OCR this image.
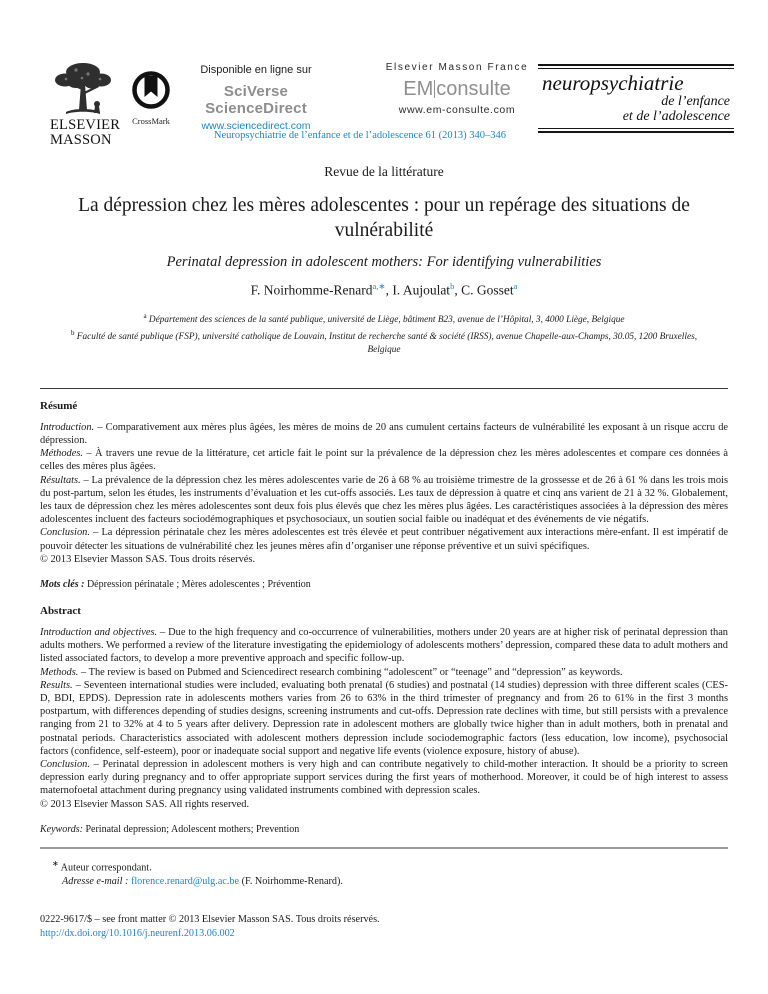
ELSEVIER
MASSON
CrossMark
Disponible en ligne sur
SciVerse ScienceDirect
www.sciencedirect.com
Elsevier Masson France
EM consulte
www.em-consulte.com
neuropsychiatrie
de l’enfance
et de l’adolescence
Neuropsychiatrie de l’enfance et de l’adolescence 61 (2013) 340–346
Revue de la littérature
La dépression chez les mères adolescentes : pour un repérage des situations de vulnérabilité
Perinatal depression in adolescent mothers: For identifying vulnerabilities
F. Noirhomme-Renard$^{a,∗}$, I. Aujoulat$^b$, C. Gosset$^a$
$^a$ Département des sciences de la santé publique, université de Liège, bâtiment B23, avenue de l’Hôpital, 3, 4000 Liège, Belgique
$^b$ Faculté de santé publique (FSP), université catholique de Louvain, Institut de recherche santé & société (IRSS), avenue Chapelle-aux-Champs, 30.05, 1200 Bruxelles, Belgique
Résumé

Introduction. – Comparativement aux mères plus âgées, les mères de moins de 20 ans cumulent certains facteurs de vulnérabilité les exposant à un risque accru de dépression.

Méthodes. – À travers une revue de la littérature, cet article fait le point sur la prévalence de la dépression chez les mères adolescentes et compare ces données à celles des mères plus âgées.

Résultats. – La prévalence de la dépression chez les mères adolescentes varie de 26 à 68 % au troisième trimestre de la grossesse et de 26 à 61 % dans les trois mois du post-partum, selon les études, les instruments d’évaluation et les cut-offs associés. Les taux de dépression à quatre et cinq ans varient de 21 à 32 %. Globalement, les taux de dépression chez les mères adolescentes sont deux fois plus élevés que chez les mères plus âgées. Les caractéristiques associées à la dépression des mères adolescentes incluent des facteurs sociodémographiques et psychosociaux, un soutien social faible ou inadéquat et des événements de vie négatifs.

Conclusion. – La dépression périnatale chez les mères adolescentes est très élevée et peut contribuer négativement aux interactions mère-enfant. Il est impératif de pouvoir détecter les situations de vulnérabilité chez les jeunes mères afin d’organiser une réponse préventive et un suivi spécifiques.

© 2013 Elsevier Masson SAS. Tous droits réservés.

Mots clés : Dépression périnatale ; Mères adolescentes ; Prévention
Abstract

Introduction and objectives. – Due to the high frequency and co-occurrence of vulnerabilities, mothers under 20 years are at higher risk of perinatal depression than adults mothers. We performed a review of the literature investigating the epidemiology of adolescents mothers’ depression, compared these data to adult mothers and listed associated factors, to develop a more preventive approach and specific follow-up.

Methods. – The review is based on Pubmed and Sciencedirect research combining “adolescent” or “teenage” and “depression” as keywords.

Results. – Seventeen international studies were included, evaluating both prenatal (6 studies) and postnatal (14 studies) depression with three different scales (CES-D, BDI, EPDS). Depression rate in adolescents mothers varies from 26 to 63% in the third trimester of pregnancy and from 26 to 61% in the first 3 months postpartum, with differences depending of studies designs, screening instruments and cut-offs. Depression rate declines with time, but still persists with a prevalence ranging from 21 to 32% at 4 to 5 years after delivery. Depression rate in adolescent mothers are globally twice higher than in adult mothers, both in prenatal and postnatal periods. Characteristics associated with adolescent mothers depression include sociodemographic factors (less education, low income), psychosocial factors (confidence, self-esteem), poor or inadequate social support and negative life events (violence exposure, history of abuse).

Conclusion. – Perinatal depression in adolescent mothers is very high and can contribute negatively to child-mother interaction. It should be a priority to screen depression early during pregnancy and to offer appropriate support services during the first years of motherhood. Moreover, it could be of high interest to assess maternofoetal attachment during pregnancy using validated instruments combined with depression scales.

© 2013 Elsevier Masson SAS. All rights reserved.

Keywords: Perinatal depression; Adolescent mothers; Prevention
∗ Auteur correspondant.
Adresse e-mail : florence.renard@ulg.ac.be (F. Noirhomme-Renard).
0222-9617/$ – see front matter © 2013 Elsevier Masson SAS. Tous droits réservés.
http://dx.doi.org/10.1016/j.neurenf.2013.06.002
